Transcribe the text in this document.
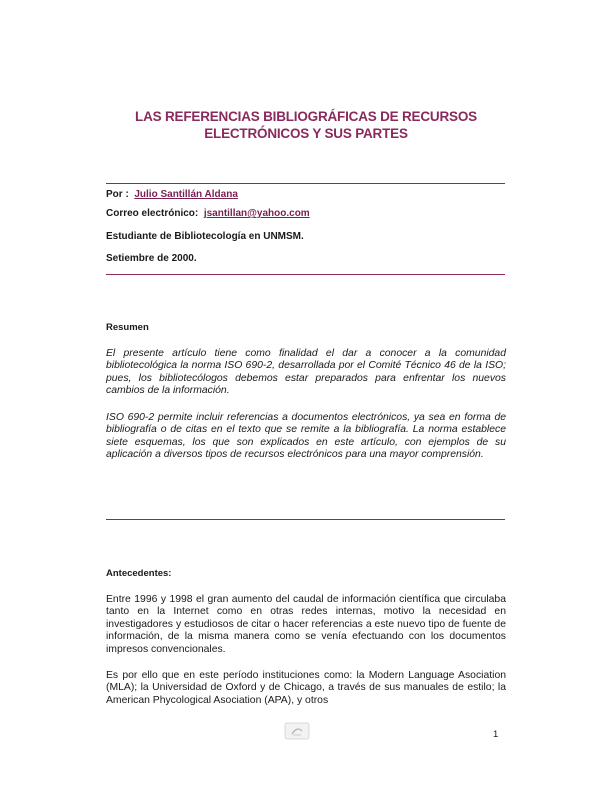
LAS REFERENCIAS BIBLIOGRÁFICAS DE RECURSOS
ELECTRÓNICOS Y SUS PARTES
Por : Julio Santillán Aldana
Correo electrónico: jsantillan@yahoo.com
Estudiante de Bibliotecología en UNMSM.
Setiembre de 2000.
Resumen
El presente artículo tiene como finalidad el dar a conocer a la comunidad bibliotecológica la norma ISO 690-2, desarrollada por el Comité Técnico 46 de la ISO; pues, los bibliotecólogos debemos estar preparados para enfrentar los nuevos cambios de la información.
ISO 690-2 permite incluir referencias a documentos electrónicos, ya sea en forma de bibliografía o de citas en el texto que se remite a la bibliografía. La norma establece siete esquemas, los que son explicados en este artículo, con ejemplos de su aplicación a diversos tipos de recursos electrónicos para una mayor comprensión.
Antecedentes:
Entre 1996 y 1998 el gran aumento del caudal de información científica que circulaba tanto en la Internet como en otras redes internas, motivo la necesidad en investigadores y estudiosos de citar o hacer referencias a este nuevo tipo de fuente de información, de la misma manera como se venía efectuando con los documentos impresos convencionales.
Es por ello que en este período instituciones como: la Modern Language Asociation (MLA); la Universidad de Oxford y de Chicago, a través de sus manuales de estilo; la American Phycological Asociation (APA), y otros
1
